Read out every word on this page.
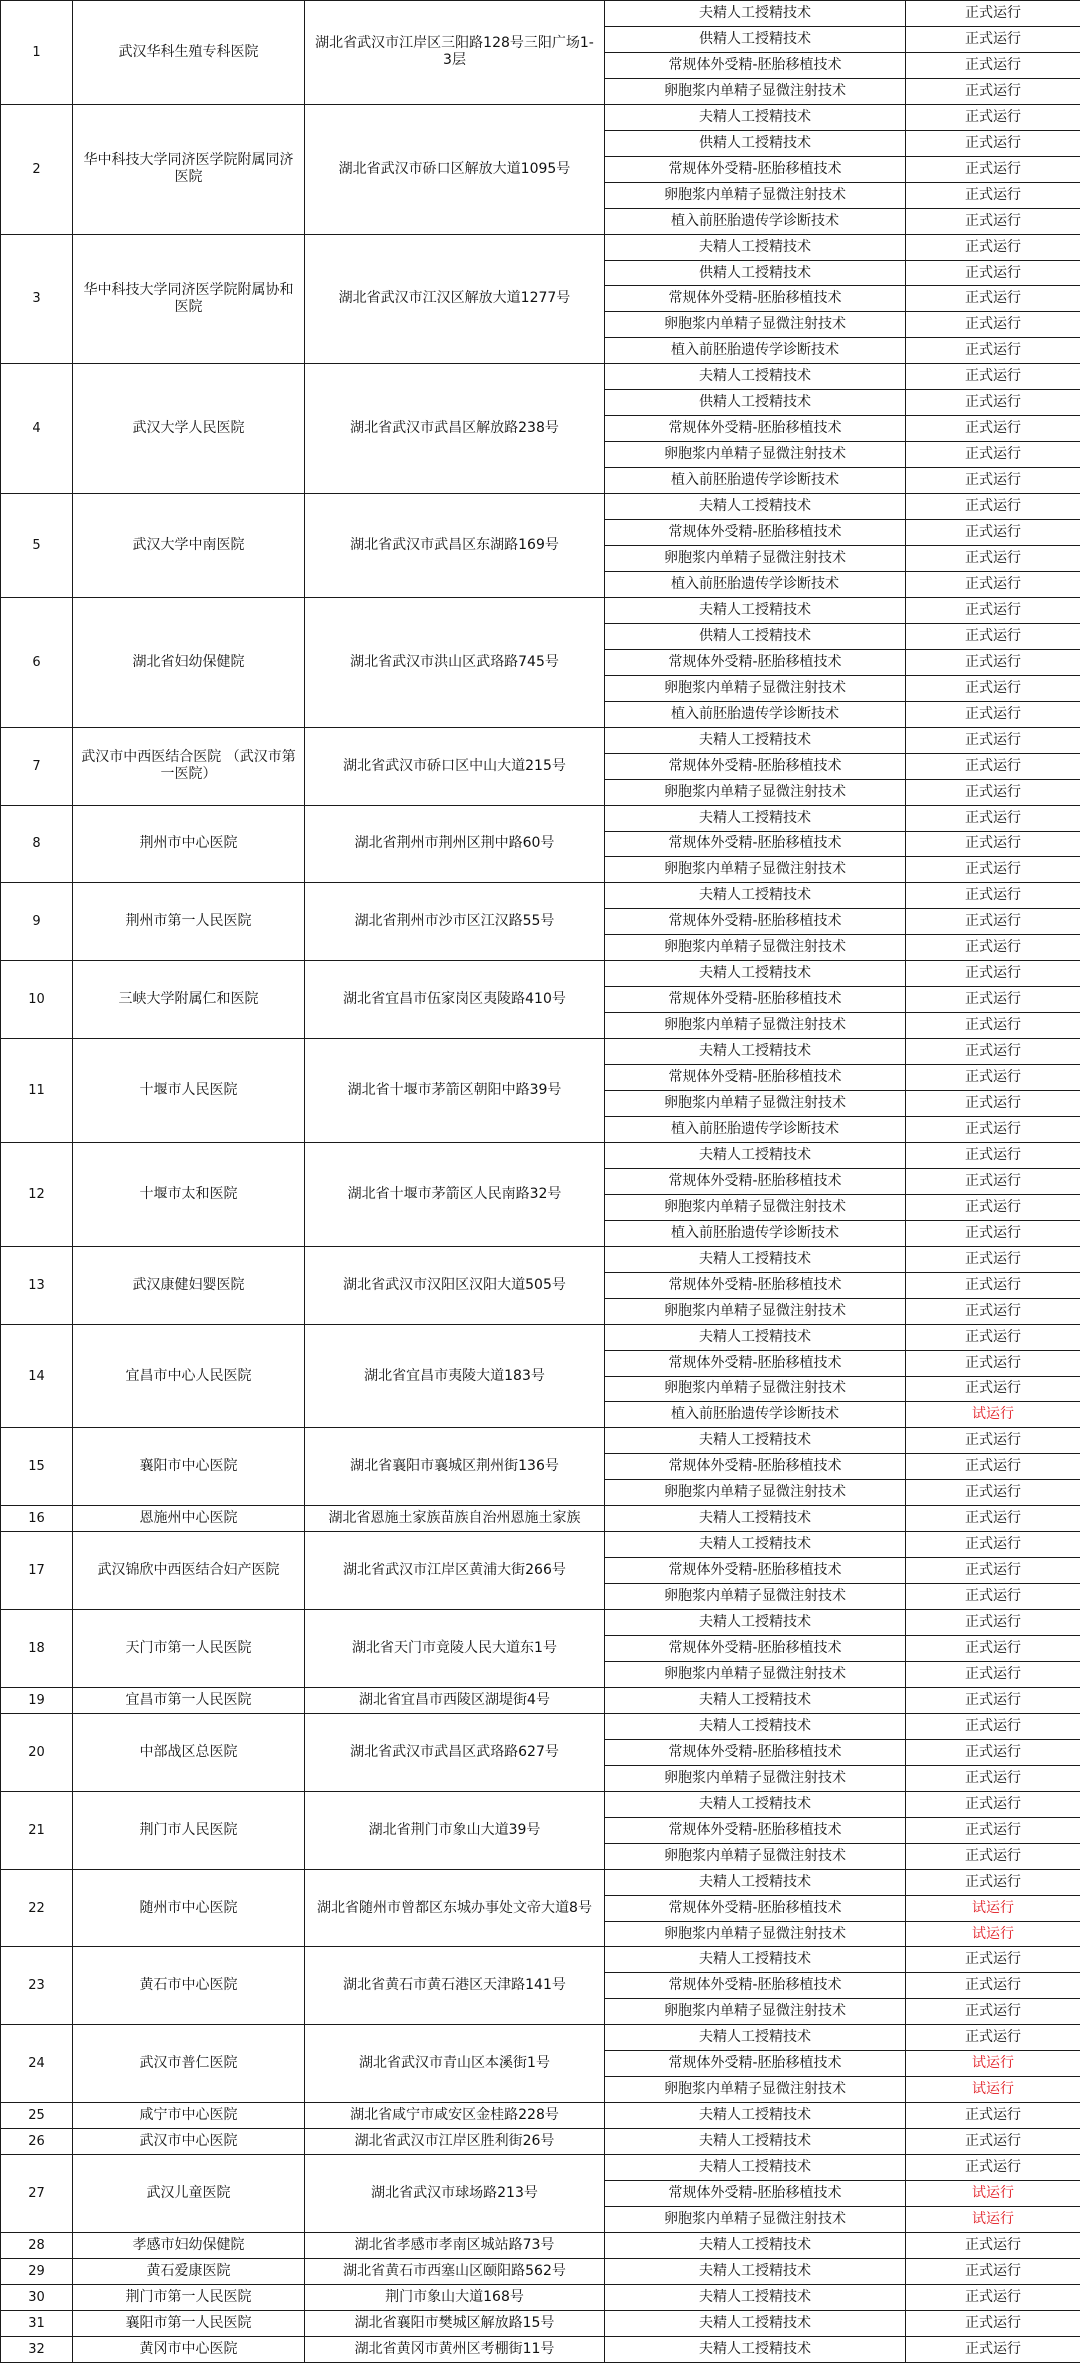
1	武汉华科生殖专科医院	湖北省武汉市江岸区三阳路128号三阳广场1-3层	夫精人工授精技术	正式运行
			供精人工授精技术	正式运行
			常规体外受精-胚胎移植技术	正式运行
			卵胞浆内单精子显微注射技术	正式运行
2	华中科技大学同济医学院附属同济医院	湖北省武汉市硚口区解放大道1095号	夫精人工授精技术	正式运行
			供精人工授精技术	正式运行
			常规体外受精-胚胎移植技术	正式运行
			卵胞浆内单精子显微注射技术	正式运行
			植入前胚胎遗传学诊断技术	正式运行
3	华中科技大学同济医学院附属协和医院	湖北省武汉市江汉区解放大道1277号	夫精人工授精技术	正式运行
			供精人工授精技术	正式运行
			常规体外受精-胚胎移植技术	正式运行
			卵胞浆内单精子显微注射技术	正式运行
			植入前胚胎遗传学诊断技术	正式运行
4	武汉大学人民医院	湖北省武汉市武昌区解放路238号	夫精人工授精技术	正式运行
			供精人工授精技术	正式运行
			常规体外受精-胚胎移植技术	正式运行
			卵胞浆内单精子显微注射技术	正式运行
			植入前胚胎遗传学诊断技术	正式运行
5	武汉大学中南医院	湖北省武汉市武昌区东湖路169号	夫精人工授精技术	正式运行
			常规体外受精-胚胎移植技术	正式运行
			卵胞浆内单精子显微注射技术	正式运行
			植入前胚胎遗传学诊断技术	正式运行
6	湖北省妇幼保健院	湖北省武汉市洪山区武珞路745号	夫精人工授精技术	正式运行
			供精人工授精技术	正式运行
			常规体外受精-胚胎移植技术	正式运行
			卵胞浆内单精子显微注射技术	正式运行
			植入前胚胎遗传学诊断技术	正式运行
7	武汉市中西医结合医院 （武汉市第一医院）	湖北省武汉市硚口区中山大道215号	夫精人工授精技术	正式运行
			常规体外受精-胚胎移植技术	正式运行
			卵胞浆内单精子显微注射技术	正式运行
8	荆州市中心医院	湖北省荆州市荆州区荆中路60号	夫精人工授精技术	正式运行
			常规体外受精-胚胎移植技术	正式运行
			卵胞浆内单精子显微注射技术	正式运行
9	荆州市第一人民医院	湖北省荆州市沙市区江汉路55号	夫精人工授精技术	正式运行
			常规体外受精-胚胎移植技术	正式运行
			卵胞浆内单精子显微注射技术	正式运行
10	三峡大学附属仁和医院	湖北省宜昌市伍家岗区夷陵路410号	夫精人工授精技术	正式运行
			常规体外受精-胚胎移植技术	正式运行
			卵胞浆内单精子显微注射技术	正式运行
11	十堰市人民医院	湖北省十堰市茅箭区朝阳中路39号	夫精人工授精技术	正式运行
			常规体外受精-胚胎移植技术	正式运行
			卵胞浆内单精子显微注射技术	正式运行
			植入前胚胎遗传学诊断技术	正式运行
12	十堰市太和医院	湖北省十堰市茅箭区人民南路32号	夫精人工授精技术	正式运行
			常规体外受精-胚胎移植技术	正式运行
			卵胞浆内单精子显微注射技术	正式运行
			植入前胚胎遗传学诊断技术	正式运行
13	武汉康健妇婴医院	湖北省武汉市汉阳区汉阳大道505号	夫精人工授精技术	正式运行
			常规体外受精-胚胎移植技术	正式运行
			卵胞浆内单精子显微注射技术	正式运行
14	宜昌市中心人民医院	湖北省宜昌市夷陵大道183号	夫精人工授精技术	正式运行
			常规体外受精-胚胎移植技术	正式运行
			卵胞浆内单精子显微注射技术	正式运行
			植入前胚胎遗传学诊断技术	试运行
15	襄阳市中心医院	湖北省襄阳市襄城区荆州街136号	夫精人工授精技术	正式运行
			常规体外受精-胚胎移植技术	正式运行
			卵胞浆内单精子显微注射技术	正式运行
16	恩施州中心医院	湖北省恩施土家族苗族自治州恩施土家族	夫精人工授精技术	正式运行
17	武汉锦欣中西医结合妇产医院	湖北省武汉市江岸区黄浦大街266号	夫精人工授精技术	正式运行
			常规体外受精-胚胎移植技术	正式运行
			卵胞浆内单精子显微注射技术	正式运行
18	天门市第一人民医院	湖北省天门市竟陵人民大道东1号	夫精人工授精技术	正式运行
			常规体外受精-胚胎移植技术	正式运行
			卵胞浆内单精子显微注射技术	正式运行
19	宜昌市第一人民医院	湖北省宜昌市西陵区湖堤街4号	夫精人工授精技术	正式运行
20	中部战区总医院	湖北省武汉市武昌区武珞路627号	夫精人工授精技术	正式运行
			常规体外受精-胚胎移植技术	正式运行
			卵胞浆内单精子显微注射技术	正式运行
21	荆门市人民医院	湖北省荆门市象山大道39号	夫精人工授精技术	正式运行
			常规体外受精-胚胎移植技术	正式运行
			卵胞浆内单精子显微注射技术	正式运行
22	随州市中心医院	湖北省随州市曾都区东城办事处文帝大道8号	夫精人工授精技术	正式运行
			常规体外受精-胚胎移植技术	试运行
			卵胞浆内单精子显微注射技术	试运行
23	黄石市中心医院	湖北省黄石市黄石港区天津路141号	夫精人工授精技术	正式运行
			常规体外受精-胚胎移植技术	正式运行
			卵胞浆内单精子显微注射技术	正式运行
24	武汉市普仁医院	湖北省武汉市青山区本溪街1号	夫精人工授精技术	正式运行
			常规体外受精-胚胎移植技术	试运行
			卵胞浆内单精子显微注射技术	试运行
25	咸宁市中心医院	湖北省咸宁市咸安区金桂路228号	夫精人工授精技术	正式运行
26	武汉市中心医院	湖北省武汉市江岸区胜利街26号	夫精人工授精技术	正式运行
27	武汉儿童医院	湖北省武汉市球场路213号	夫精人工授精技术	正式运行
			常规体外受精-胚胎移植技术	试运行
			卵胞浆内单精子显微注射技术	试运行
28	孝感市妇幼保健院	湖北省孝感市孝南区城站路73号	夫精人工授精技术	正式运行
29	黄石爱康医院	湖北省黄石市西塞山区颐阳路562号	夫精人工授精技术	正式运行
30	荆门市第一人民医院	荆门市象山大道168号	夫精人工授精技术	正式运行
31	襄阳市第一人民医院	湖北省襄阳市樊城区解放路15号	夫精人工授精技术	正式运行
32	黄冈市中心医院	湖北省黄冈市黄州区考棚街11号	夫精人工授精技术	正式运行
